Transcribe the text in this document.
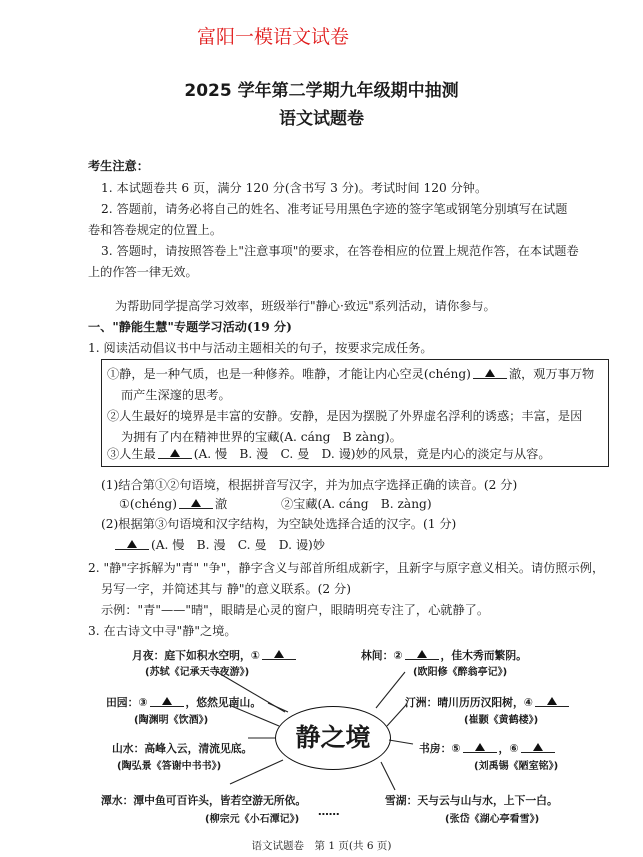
富阳一模语文试卷
2025 学年第二学期九年级期中抽测
语文试题卷
考生注意：
1. 本试题卷共 6 页，满分 120 分(含书写 3 分)。考试时间 120 分钟。
2. 答题前，请务必将自己的姓名、准考证号用黑色字迹的签字笔或钢笔分别填写在试题
卷和答卷规定的位置上。
3. 答题时，请按照答卷上"注意事项"的要求，在答卷相应的位置上规范作答，在本试题卷
上的作答一律无效。
为帮助同学提高学习效率，班级举行"静心·致远"系列活动，请你参与。
一、"静能生慧"专题学习活动(19 分)
1. 阅读活动倡议书中与活动主题相关的句子，按要求完成任务。
①静，是一种气质，也是一种修养。唯静，才能让内心空灵(chéng)	澈，观万事万物
而产生深邃的思考。
②人生最好的境界是丰富的安静。安静，是因为摆脱了外界虚名浮利的诱惑；丰富，是因
为拥有了内在精神世界的宝藏(A. cáng　B zàng)。
③人生最	(A. 慢　B. 漫　C. 曼　D. 谩)妙的风景，竟是内心的淡定与从容。
(1)结合第①②句语境，根据拼音写汉字，并为加点字选择正确的读音。(2 分)
①(chéng)	澈	②宝藏(A. cáng　B. zàng)
(2)根据第③句语境和汉字结构，为空缺处选择合适的汉字。(1 分)
(A. 慢　B. 漫　C. 曼　D. 谩)妙
2. "静"字拆解为"青" "争"，静字含义与部首所组成新字，且新字与原字意义相关。请仿照示例，
另写一字，并简述其与 静"的意义联系。(2 分)
示例："青"——"晴"，眼睛是心灵的窗户，眼睛明亮专注了，心就静了。
3. 在古诗文中寻"静"之境。
静之境
月夜：庭下如积水空明，①
(苏轼《记承天寺夜游》)
林间：②	，佳木秀而繁阴。
(欧阳修《醉翁亭记》)
田园：③	，悠然见南山。
(陶渊明《饮酒》)
汀洲：晴川历历汉阳树，④
(崔颢《黄鹤楼》)
山水：高峰入云，清流见底。
(陶弘景《答谢中书书》)
书房：⑤	，⑥
(刘禹锡《陋室铭》)
潭水：潭中鱼可百许头，皆若空游无所依。
(柳宗元《小石潭记》)
……
雪湖：天与云与山与水，上下一白。
(张岱《湖心亭看雪》)
语文试题卷　第 1 页(共 6 页)
